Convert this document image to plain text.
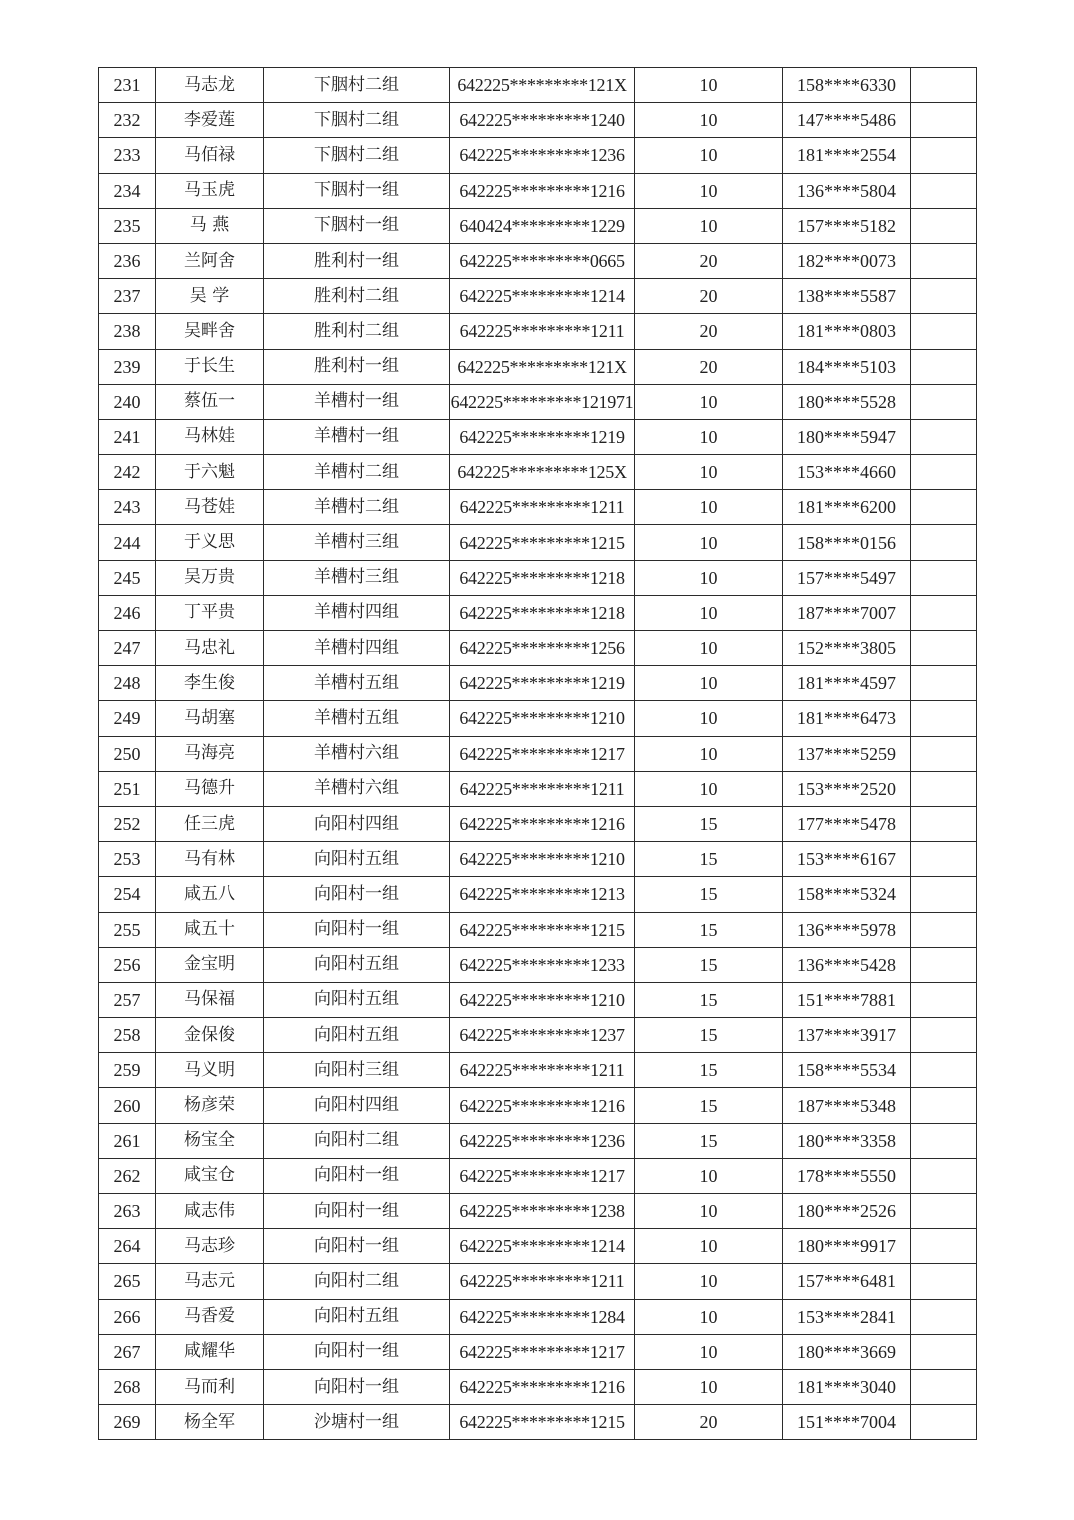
231	马志龙	下胭村二组	642225*********121X	10	158****6330	
232	李爱莲	下胭村二组	642225*********1240	10	147****5486	
233	马佰禄	下胭村二组	642225*********1236	10	181****2554	
234	马玉虎	下胭村一组	642225*********1216	10	136****5804	
235	马 燕	下胭村一组	640424*********1229	10	157****5182	
236	兰阿舍	胜利村一组	642225*********0665	20	182****0073	
237	吴 学	胜利村二组	642225*********1214	20	138****5587	
238	吴畔舍	胜利村二组	642225*********1211	20	181****0803	
239	于长生	胜利村一组	642225*********121X	20	184****5103	
240	蔡伍一	羊槽村一组	642225*********121971	10	180****5528	
241	马林娃	羊槽村一组	642225*********1219	10	180****5947	
242	于六魁	羊槽村二组	642225*********125X	10	153****4660	
243	马苍娃	羊槽村二组	642225*********1211	10	181****6200	
244	于义思	羊槽村三组	642225*********1215	10	158****0156	
245	吴万贵	羊槽村三组	642225*********1218	10	157****5497	
246	丁平贵	羊槽村四组	642225*********1218	10	187****7007	
247	马忠礼	羊槽村四组	642225*********1256	10	152****3805	
248	李生俊	羊槽村五组	642225*********1219	10	181****4597	
249	马胡塞	羊槽村五组	642225*********1210	10	181****6473	
250	马海亮	羊槽村六组	642225*********1217	10	137****5259	
251	马德升	羊槽村六组	642225*********1211	10	153****2520	
252	任三虎	向阳村四组	642225*********1216	15	177****5478	
253	马有林	向阳村五组	642225*********1210	15	153****6167	
254	咸五八	向阳村一组	642225*********1213	15	158****5324	
255	咸五十	向阳村一组	642225*********1215	15	136****5978	
256	金宝明	向阳村五组	642225*********1233	15	136****5428	
257	马保福	向阳村五组	642225*********1210	15	151****7881	
258	金保俊	向阳村五组	642225*********1237	15	137****3917	
259	马义明	向阳村三组	642225*********1211	15	158****5534	
260	杨彦荣	向阳村四组	642225*********1216	15	187****5348	
261	杨宝全	向阳村二组	642225*********1236	15	180****3358	
262	咸宝仓	向阳村一组	642225*********1217	10	178****5550	
263	咸志伟	向阳村一组	642225*********1238	10	180****2526	
264	马志珍	向阳村一组	642225*********1214	10	180****9917	
265	马志元	向阳村二组	642225*********1211	10	157****6481	
266	马香爱	向阳村五组	642225*********1284	10	153****2841	
267	咸耀华	向阳村一组	642225*********1217	10	180****3669	
268	马而利	向阳村一组	642225*********1216	10	181****3040	
269	杨全军	沙塘村一组	642225*********1215	20	151****7004	
